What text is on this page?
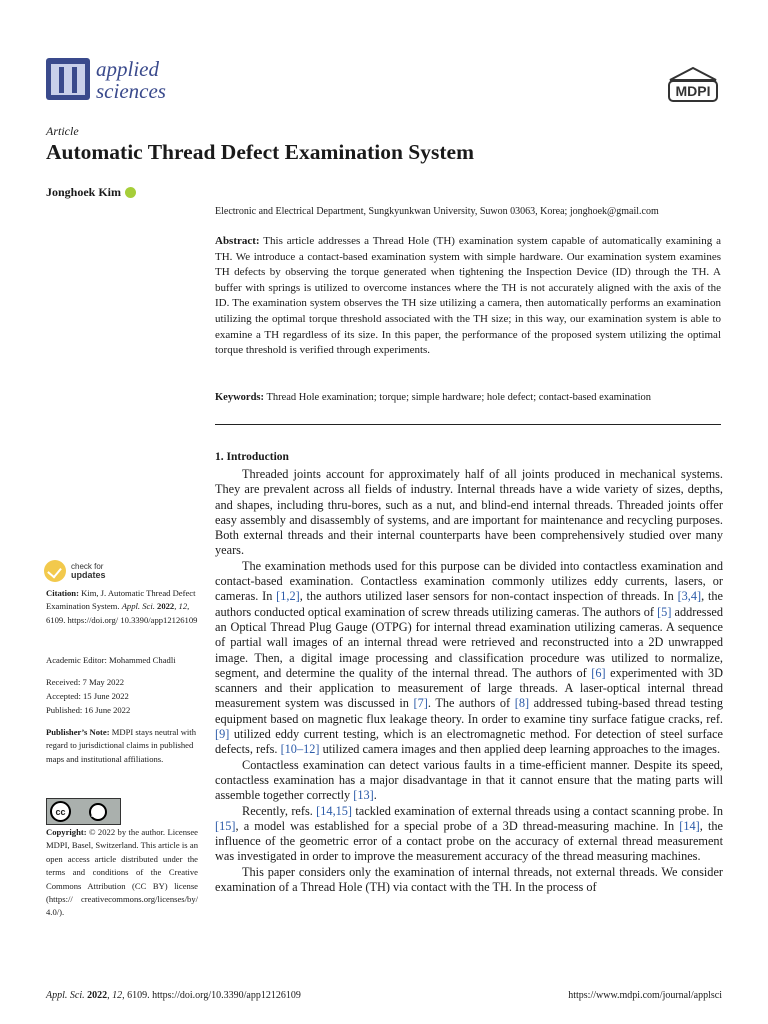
applied
sciences	MDPI
Article
Automatic Thread Defect Examination System
Jonghoek Kim
Electronic and Electrical Department, Sungkyunkwan University, Suwon 03063, Korea; jonghoek@gmail.com
Abstract: This article addresses a Thread Hole (TH) examination system capable of automatically examining a TH. We introduce a contact-based examination system with simple hardware. Our examination system examines TH defects by observing the torque generated when tightening the Inspection Device (ID) through the TH. A buffer with springs is utilized to overcome instances where the TH is not accurately aligned with the axis of the ID. The examination system observes the TH size utilizing a camera, then automatically performs an examination utilizing the optimal torque threshold associated with the TH size; in this way, our examination system is able to examine a TH regardless of its size. In this paper, the performance of the proposed system utilizing the optimal torque threshold is verified through experiments.
Keywords: Thread Hole examination; torque; simple hardware; hole defect; contact-based examination
1. Introduction

Threaded joints account for approximately half of all joints produced in mechanical systems. They are prevalent across all fields of industry. Internal threads have a wide variety of sizes, depths, and shapes, including thru-bores, such as a nut, and blind-end internal threads. Threaded joints offer easy assembly and disassembly of systems, and are important for maintenance and recycling purposes. Both external threads and their internal counterparts have been comprehensively studied over many years.

The examination methods used for this purpose can be divided into contactless examination and contact-based examination. Contactless examination commonly utilizes eddy currents, lasers, or cameras. In [1,2], the authors utilized laser sensors for non-contact inspection of threads. In [3,4], the authors conducted optical examination of screw threads utilizing cameras. The authors of [5] addressed an Optical Thread Plug Gauge (OTPG) for internal thread examination utilizing cameras. A sequence of partial wall images of an internal thread were retrieved and reconstructed into a 2D unwrapped image. Then, a digital image processing and classification procedure was utilized to normalize, segment, and determine the quality of the internal thread. The authors of [6] experimented with 3D scanners and their application to measurement of large threads. A laser-optical internal thread measurement system was discussed in [7]. The authors of [8] addressed tubing-based thread testing equipment based on magnetic flux leakage theory. In order to examine tiny surface fatigue cracks, ref. [9] utilized eddy current testing, which is an electromagnetic method. For detection of steel surface defects, refs. [10–12] utilized camera images and then applied deep learning approaches to the images.

Contactless examination can detect various faults in a time-efficient manner. Despite its speed, contactless examination has a major disadvantage in that it cannot ensure that the mating parts will assemble together correctly [13].

Recently, refs. [14,15] tackled examination of external threads using a contact scanning probe. In [15], a model was established for a special probe of a 3D thread-measuring machine. In [14], the influence of the geometric error of a contact probe on the accuracy of external thread measurement was investigated in order to improve the measurement accuracy of the thread measuring machines.

This paper considers only the examination of internal threads, not external threads. We consider examination of a Thread Hole (TH) via contact with the TH. In the process of

check for
updates
Citation: Kim, J. Automatic Thread Defect Examination System. Appl. Sci. 2022, 12, 6109. https://doi.org/ 10.3390/app12126109
Academic Editor: Mohammed Chadli
Received: 7 May 2022
Accepted: 15 June 2022
Published: 16 June 2022
Publisher’s Note: MDPI stays neutral with regard to jurisdictional claims in published maps and institutional affiliations.
cc	BY
Copyright: © 2022 by the author. Licensee MDPI, Basel, Switzerland. This article is an open access article distributed under the terms and conditions of the Creative Commons Attribution (CC BY) license (https:// creativecommons.org/licenses/by/ 4.0/).
Appl. Sci. 2022, 12, 6109. https://doi.org/10.3390/app12126109	https://www.mdpi.com/journal/applsci
